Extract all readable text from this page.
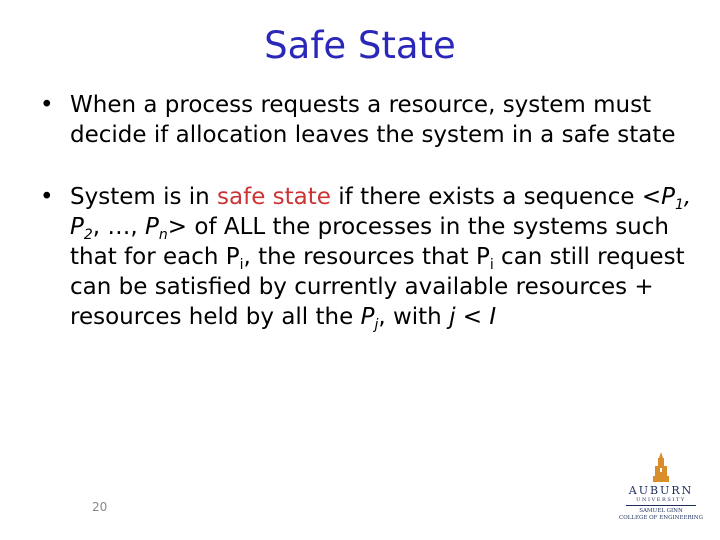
Safe State
• When a process requests a resource, system must decide if allocation leaves the system in a safe state
• System is in safe state if there exists a sequence $<P_1$, $P_2$, …, $P_n>$ of ALL the processes in the systems such that for each $P_i$, the resources that $P_i$ can still request can be satisfied by currently available resources + resources held by all the $P_j$, with j < I
20
AUBURN
UNIVERSITY
SAMUEL GINN
COLLEGE OF ENGINEERING
